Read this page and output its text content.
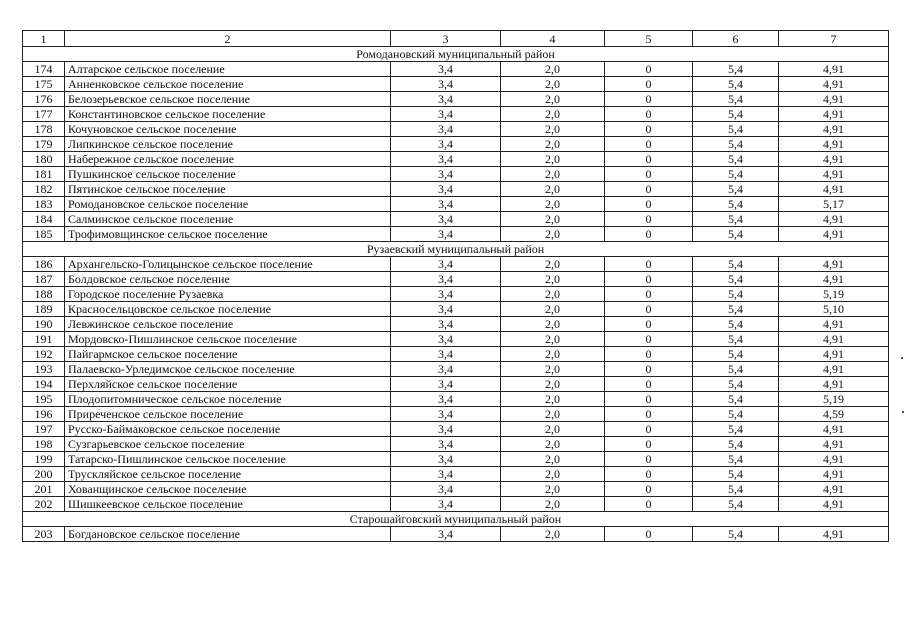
1	2	3	4	5	6	7
Ромодановский муниципальный район						
174	Алтарское сельское поселение	3,4	2,0	0	5,4	4,91
175	Анненковское сельское поселение	3,4	2,0	0	5,4	4,91
176	Белозерьевское сельское поселение	3,4	2,0	0	5,4	4,91
177	Константиновское сельское поселение	3,4	2,0	0	5,4	4,91
178	Кочуновское сельское поселение	3,4	2,0	0	5,4	4,91
179	Липкинское сельское поселение	3,4	2,0	0	5,4	4,91
180	Набережное сельское поселение	3,4	2,0	0	5,4	4,91
181	Пушкинское сельское поселение	3,4	2,0	0	5,4	4,91
182	Пятинское сельское поселение	3,4	2,0	0	5,4	4,91
183	Ромодановское сельское поселение	3,4	2,0	0	5,4	5,17
184	Салминское сельское поселение	3,4	2,0	0	5,4	4,91
185	Трофимовщинское сельское поселение	3,4	2,0	0	5,4	4,91
Рузаевский муниципальный район						
186	Архангельско-Голицынское сельское поселение	3,4	2,0	0	5,4	4,91
187	Болдовское сельское поселение	3,4	2,0	0	5,4	4,91
188	Городское поселение Рузаевка	3,4	2,0	0	5,4	5,19
189	Красносельцовское сельское поселение	3,4	2,0	0	5,4	5,10
190	Левжинское сельское поселение	3,4	2,0	0	5,4	4,91
191	Мордовско-Пишлинское сельское поселение	3,4	2,0	0	5,4	4,91
192	Пайгармское сельское поселение	3,4	2,0	0	5,4	4,91
193	Палаевско-Урледимское сельское поселение	3,4	2,0	0	5,4	4,91
194	Перхляйское сельское поселение	3,4	2,0	0	5,4	4,91
195	Плодопитомническое сельское поселение	3,4	2,0	0	5,4	5,19
196	Приреченское сельское поселение	3,4	2,0	0	5,4	4,59
197	Русско-Баймаковское сельское поселение	3,4	2,0	0	5,4	4,91
198	Сузгарьевское сельское поселение	3,4	2,0	0	5,4	4,91
199	Татарско-Пишлинское сельское поселение	3,4	2,0	0	5,4	4,91
200	Трускляйское сельское поселение	3,4	2,0	0	5,4	4,91
201	Хованщинское сельское поселение	3,4	2,0	0	5,4	4,91
202	Шишкеевское сельское поселение	3,4	2,0	0	5,4	4,91
Старошайговский муниципальный район						
203	Богдановское сельское поселение	3,4	2,0	0	5,4	4,91
